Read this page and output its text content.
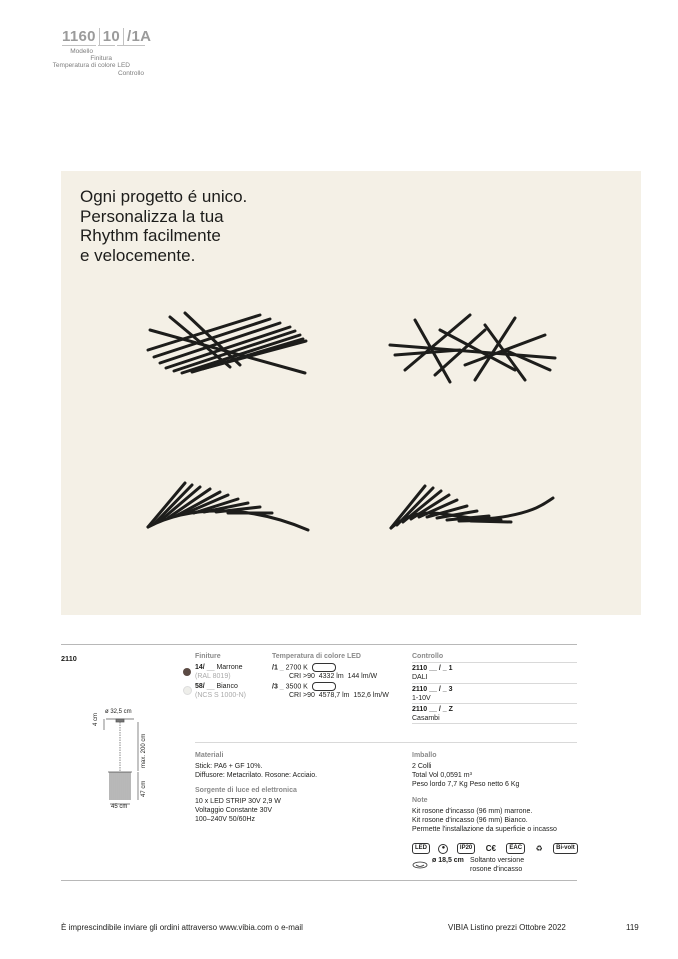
1160 10 /1A
Modello
Finitura
Temperatura di colore LED
Controllo
Ogni progetto é unico.
Personalizza la tua
Rhythm facilmente
e velocemente.
2110	Finiture
14/ __ Marrone
(RAL 8019)
58/ __ Bianco
(NCS S 1000-N)
Temperatura di colore LED
/1 _ 2700 K
CRI >90 4332 lm 144 lm/W
/3 _ 3500 K
CRI >90 4578,7 lm 152,6 lm/W
Controllo
2110 __ / _ 1
DALI
2110 __ / _ 3
1-10V
2110 __ / _ Z
Casambi
ø 32,5 cm
4 cm
max. 200 cm
47 cm
45 cm
Materiali
Stick: PA6 + GF 10%.
Diffusore: Metacrilato. Rosone: Acciaio.
Sorgente di luce ed elettronica
10 x LED STRIP 30V 2,9 W
Voltaggio Constante 30V
100–240V 50/60Hz
Imballo
2 Colli
Total Vol 0,0591 m³
Peso lordo 7,7 Kg Peso netto 6 Kg
Note
Kit rosone d'incasso (96 mm) marrone.
Kit rosone d'incasso (96 mm) Bianco.
Permette l'installazione da superficie o incasso
LED ● IP20 C€ EAC ♻ Bi-volt
ø 18,5 cm Soltanto versione
rosone d'incasso
È imprescindibile inviare gli ordini attraverso www.vibia.com o e-mail	VIBIA Listino prezzi Ottobre 2022	119
